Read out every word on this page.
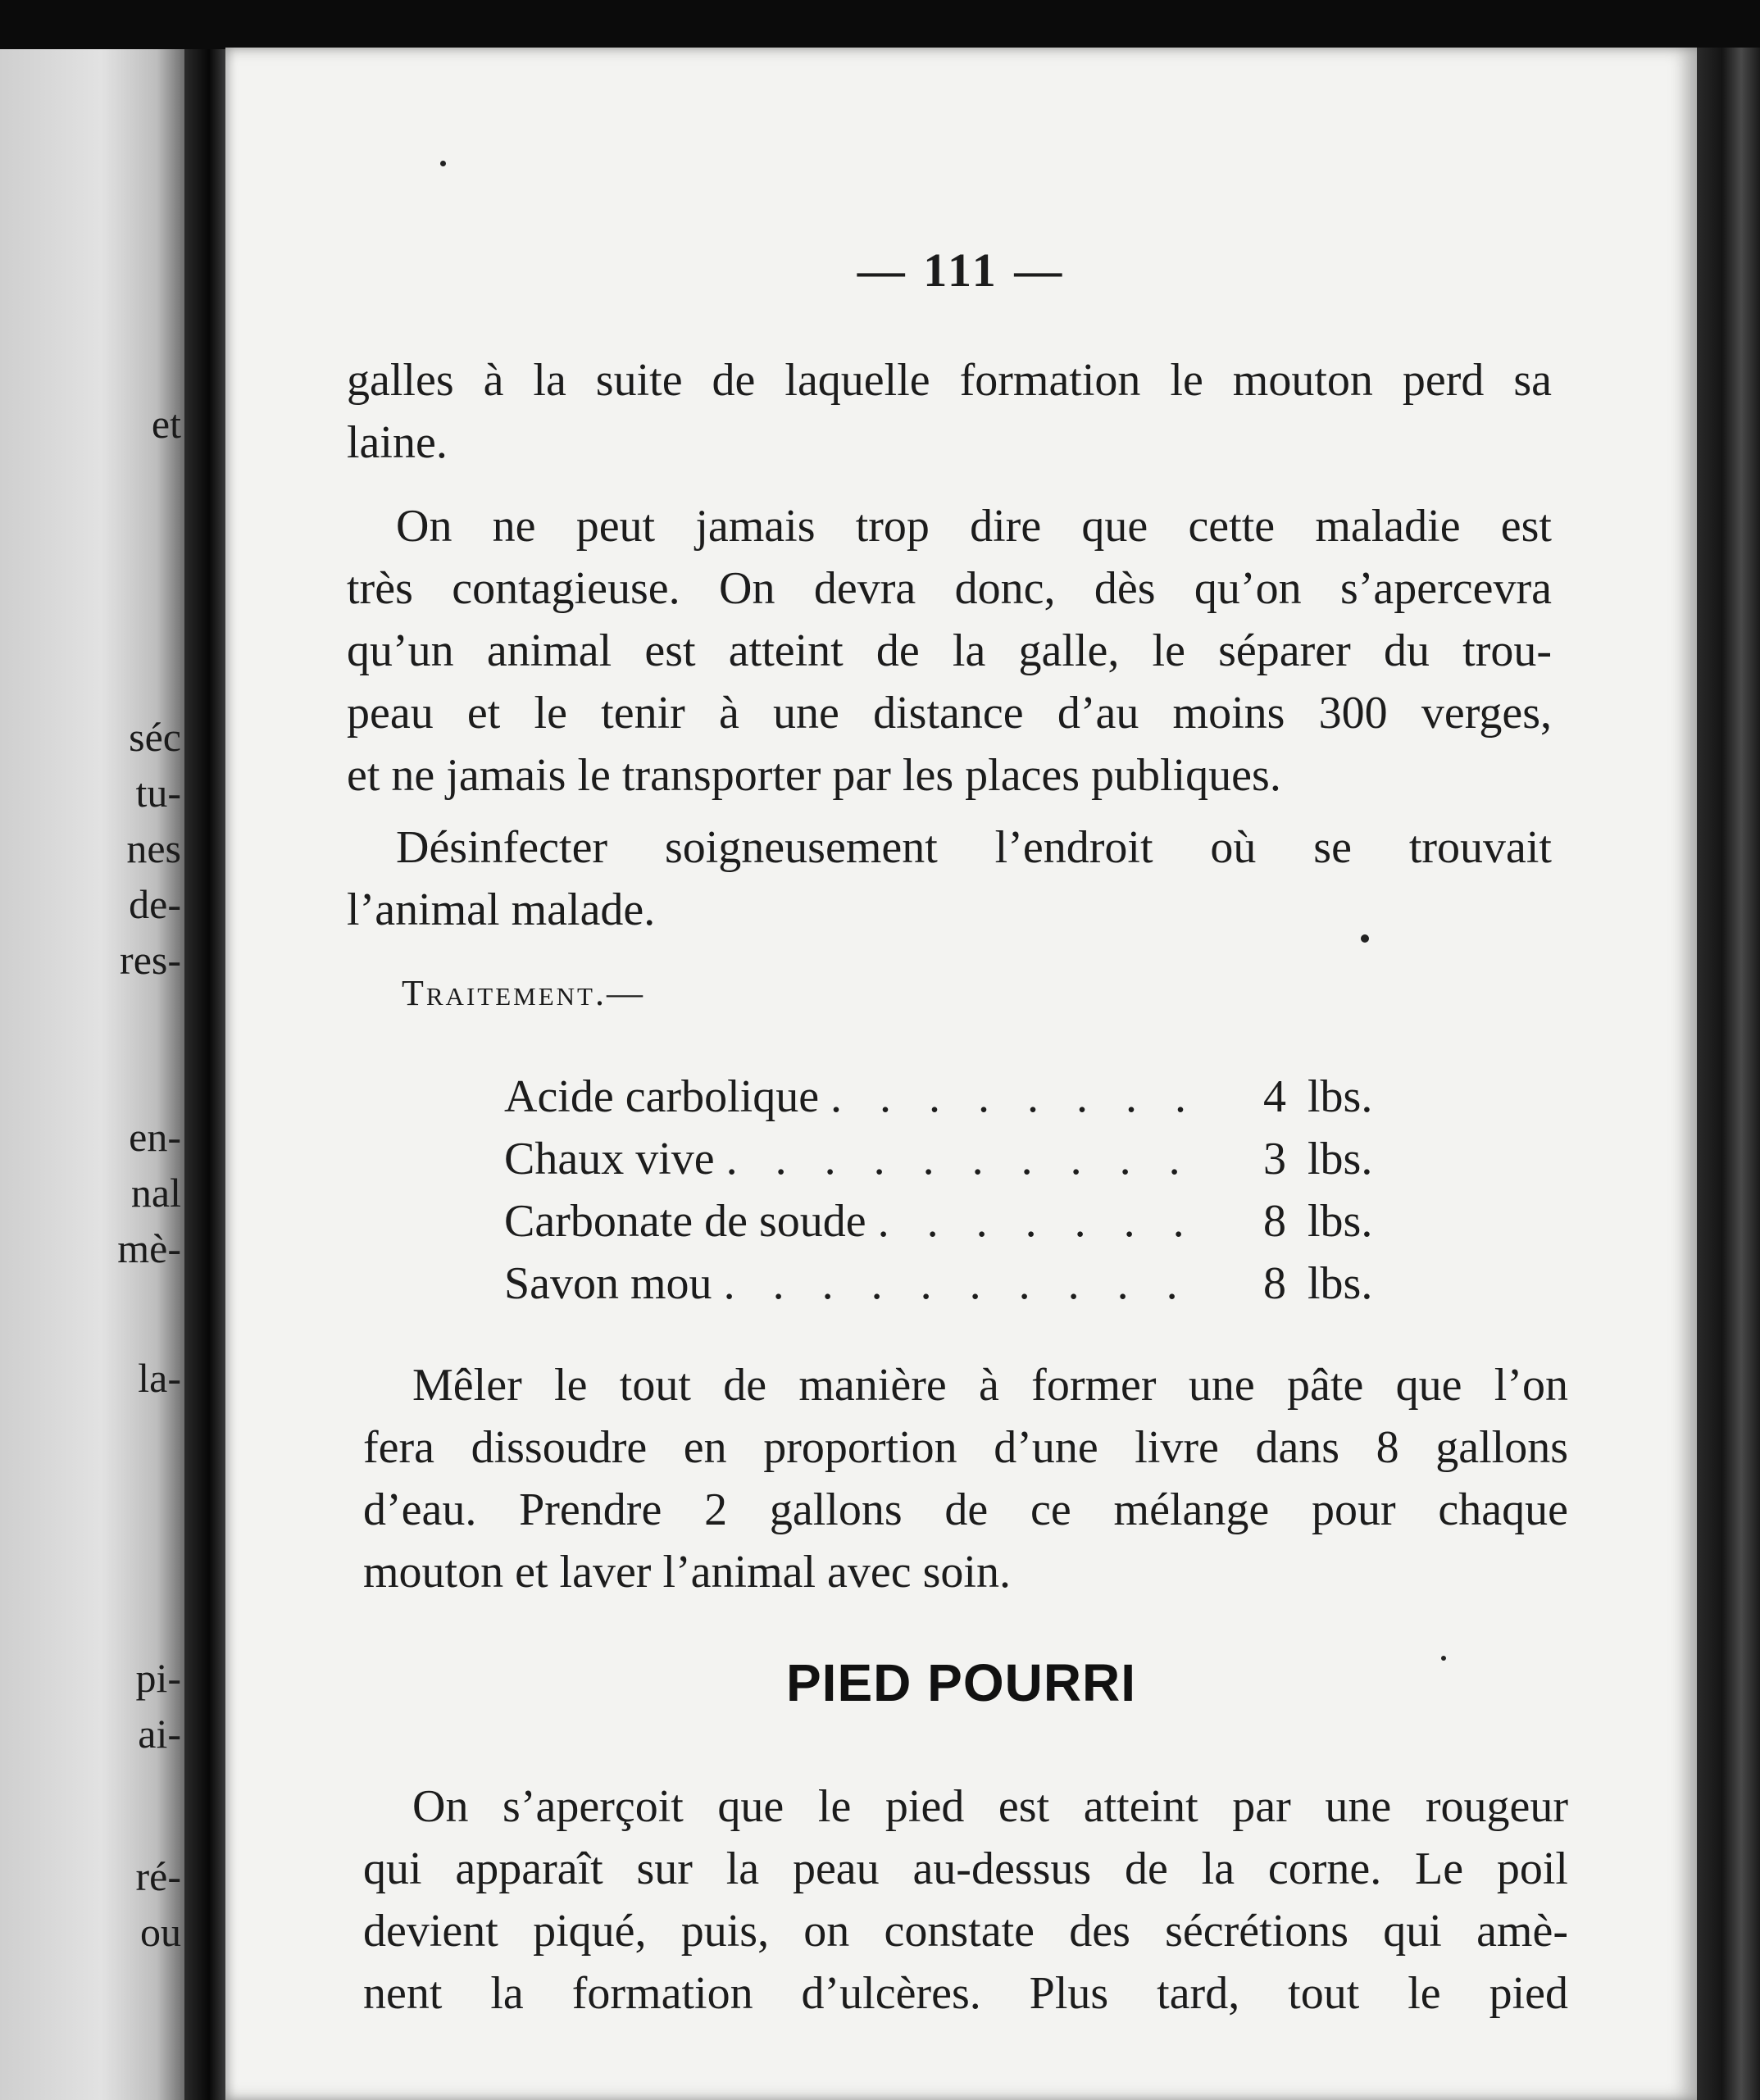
et
séc
tu-
nes
de-
res-
en-
nal
mè-
la-
pi-
ai-
ré-
ou
— 111 —
galles à la suite de laquelle formation le mouton perd sa
laine.
On ne peut jamais trop dire que cette maladie est
très contagieuse. On devra donc, dès qu’on s’apercevra
qu’un animal est atteint de la galle, le séparer du trou-
peau et le tenir à une distance d’au moins 300 verges,
et ne jamais le transporter par les places publiques.
Désinfecter soigneusement l’endroit où se trouvait
l’animal malade.
Traitement.—
Acide carbolique . . .	4 lbs.
Chaux vive . . .	3 lbs.
Carbonate de soude . . .	8 lbs.
Savon mou . . .	8 lbs.
Mêler le tout de manière à former une pâte que l’on
fera dissoudre en proportion d’une livre dans 8 gallons
d’eau. Prendre 2 gallons de ce mélange pour chaque
mouton et laver l’animal avec soin.
PIED POURRI
On s’aperçoit que le pied est atteint par une rougeur
qui apparaît sur la peau au-dessus de la corne. Le poil
devient piqué, puis, on constate des sécrétions qui amè-
nent la formation d’ulcères. Plus tard, tout le pied
